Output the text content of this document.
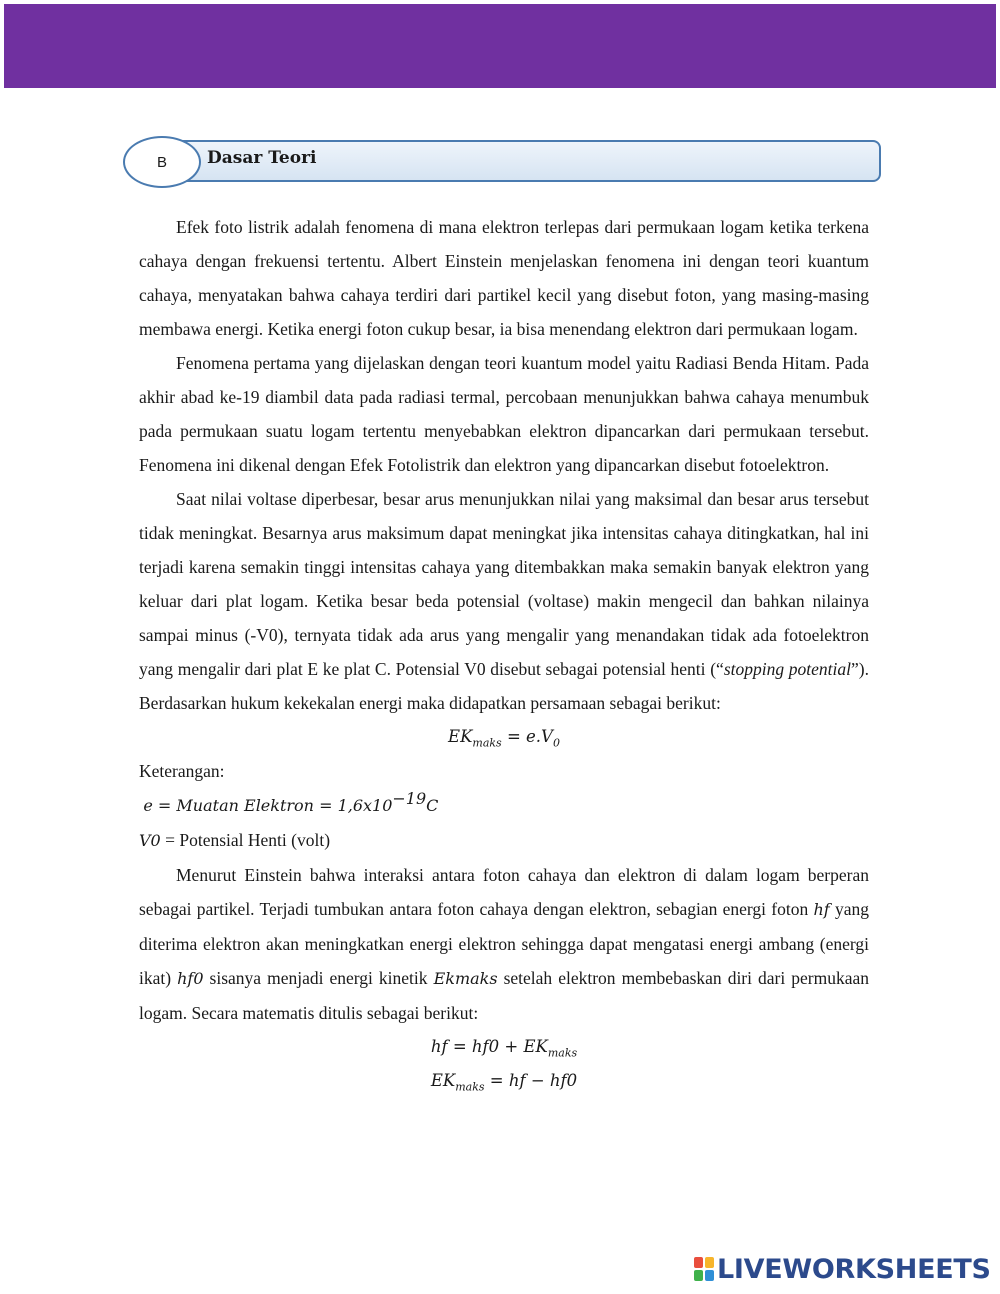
Dasar Teori
B

Efek foto listrik adalah fenomena di mana elektron terlepas dari permukaan logam ketika terkena cahaya dengan frekuensi tertentu. Albert Einstein menjelaskan fenomena ini dengan teori kuantum cahaya, menyatakan bahwa cahaya terdiri dari partikel kecil yang disebut foton, yang masing-masing membawa energi. Ketika energi foton cukup besar, ia bisa menendang elektron dari permukaan logam.

Fenomena pertama yang dijelaskan dengan teori kuantum model yaitu Radiasi Benda Hitam. Pada akhir abad ke-19 diambil data pada radiasi termal, percobaan menunjukkan bahwa cahaya menumbuk pada permukaan suatu logam tertentu menyebabkan elektron dipancarkan dari permukaan tersebut. Fenomena ini dikenal dengan Efek Fotolistrik dan elektron yang dipancarkan disebut fotoelektron.

Saat nilai voltase diperbesar, besar arus menunjukkan nilai yang maksimal dan besar arus tersebut tidak meningkat. Besarnya arus maksimum dapat meningkat jika intensitas cahaya ditingkatkan, hal ini terjadi karena semakin tinggi intensitas cahaya yang ditembakkan maka semakin banyak elektron yang keluar dari plat logam. Ketika besar beda potensial (voltase) makin mengecil dan bahkan nilainya sampai minus (-V0), ternyata tidak ada arus yang mengalir yang menandakan tidak ada fotoelektron yang mengalir dari plat E ke plat C. Potensial V0 disebut sebagai potensial henti (“stopping potential”). Berdasarkan hukum kekekalan energi maka didapatkan persamaan sebagai berikut:

$EK_{maks} = e.V_0$

Keterangan:

e = Muatan Elektron = $1,6x10^{-19}C$

V0 = Potensial Henti (volt)

Menurut Einstein bahwa interaksi antara foton cahaya dan elektron di dalam logam berperan sebagai partikel. Terjadi tumbukan antara foton cahaya dengan elektron, sebagian energi foton hf yang diterima elektron akan meningkatkan energi elektron sehingga dapat mengatasi energi ambang (energi ikat) hf0 sisanya menjadi energi kinetik Ekmaks setelah elektron membebaskan diri dari permukaan logam. Secara matematis ditulis sebagai berikut:

hf = $hf0 + EK_{maks}$

$EK_{maks}$ = hf − hf0

LIVEWORKSHEETS
